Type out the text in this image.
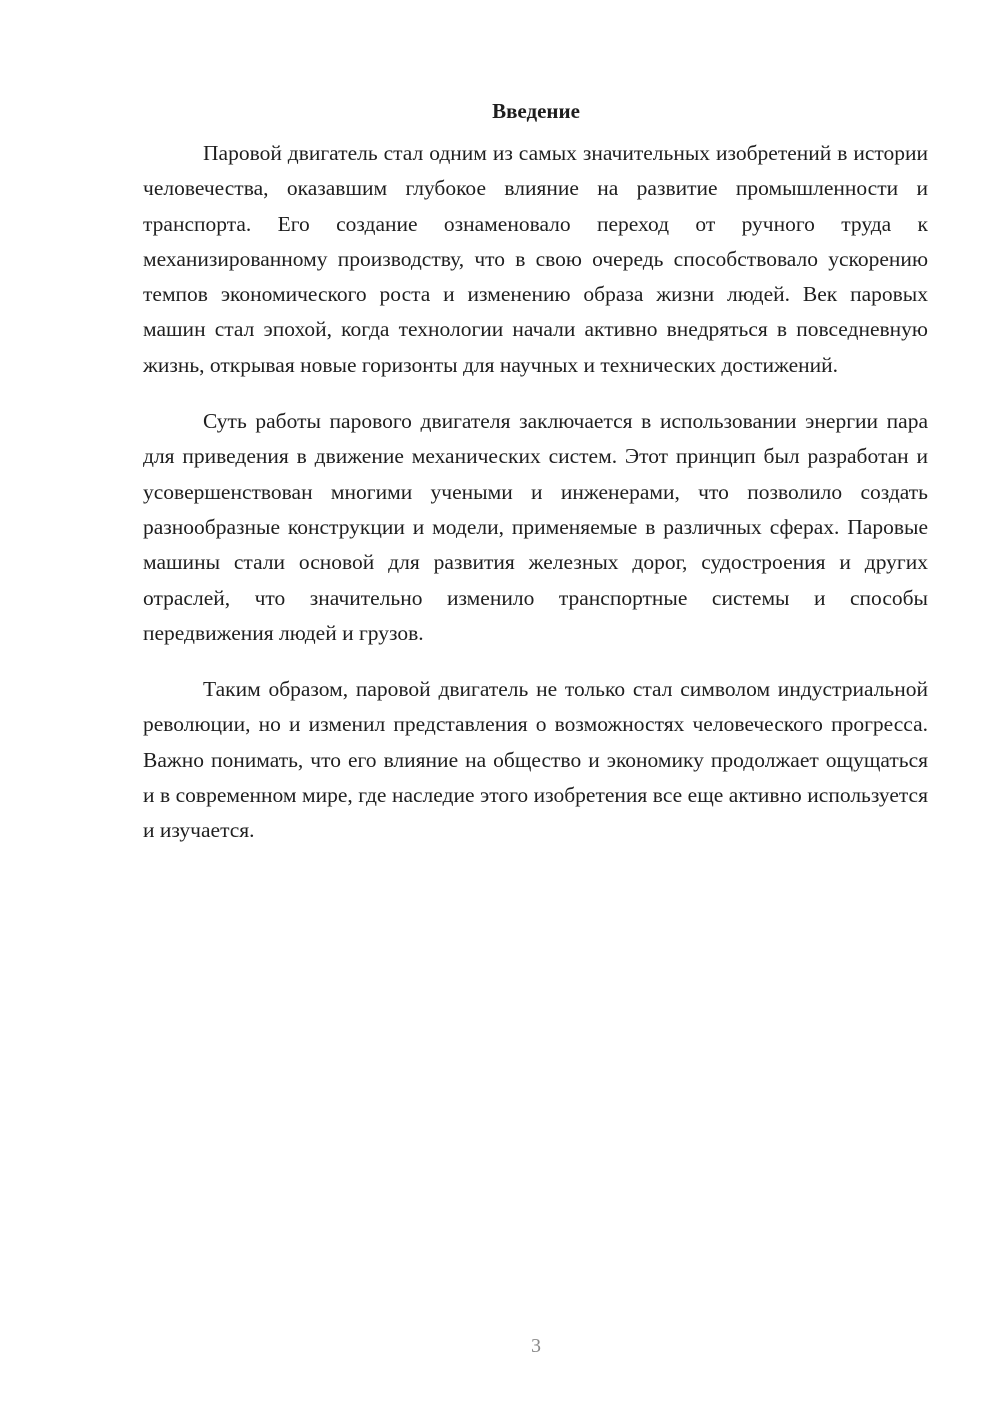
Введение

Паровой двигатель стал одним из самых значительных изобретений в истории человечества, оказавшим глубокое влияние на развитие промышленности и транспорта. Его создание ознаменовало переход от ручного труда к механизированному производству, что в свою очередь способствовало ускорению темпов экономического роста и изменению образа жизни людей. Век паровых машин стал эпохой, когда технологии начали активно внедряться в повседневную жизнь, открывая новые горизонты для научных и технических достижений.

Суть работы парового двигателя заключается в использовании энергии пара для приведения в движение механических систем. Этот принцип был разработан и усовершенствован многими учеными и инженерами, что позволило создать разнообразные конструкции и модели, применяемые в различных сферах. Паровые машины стали основой для развития железных дорог, судостроения и других отраслей, что значительно изменило транспортные системы и способы передвижения людей и грузов.

Таким образом, паровой двигатель не только стал символом индустриальной революции, но и изменил представления о возможностях человеческого прогресса. Важно понимать, что его влияние на общество и экономику продолжает ощущаться и в современном мире, где наследие этого изобретения все еще активно используется и изучается.

3
